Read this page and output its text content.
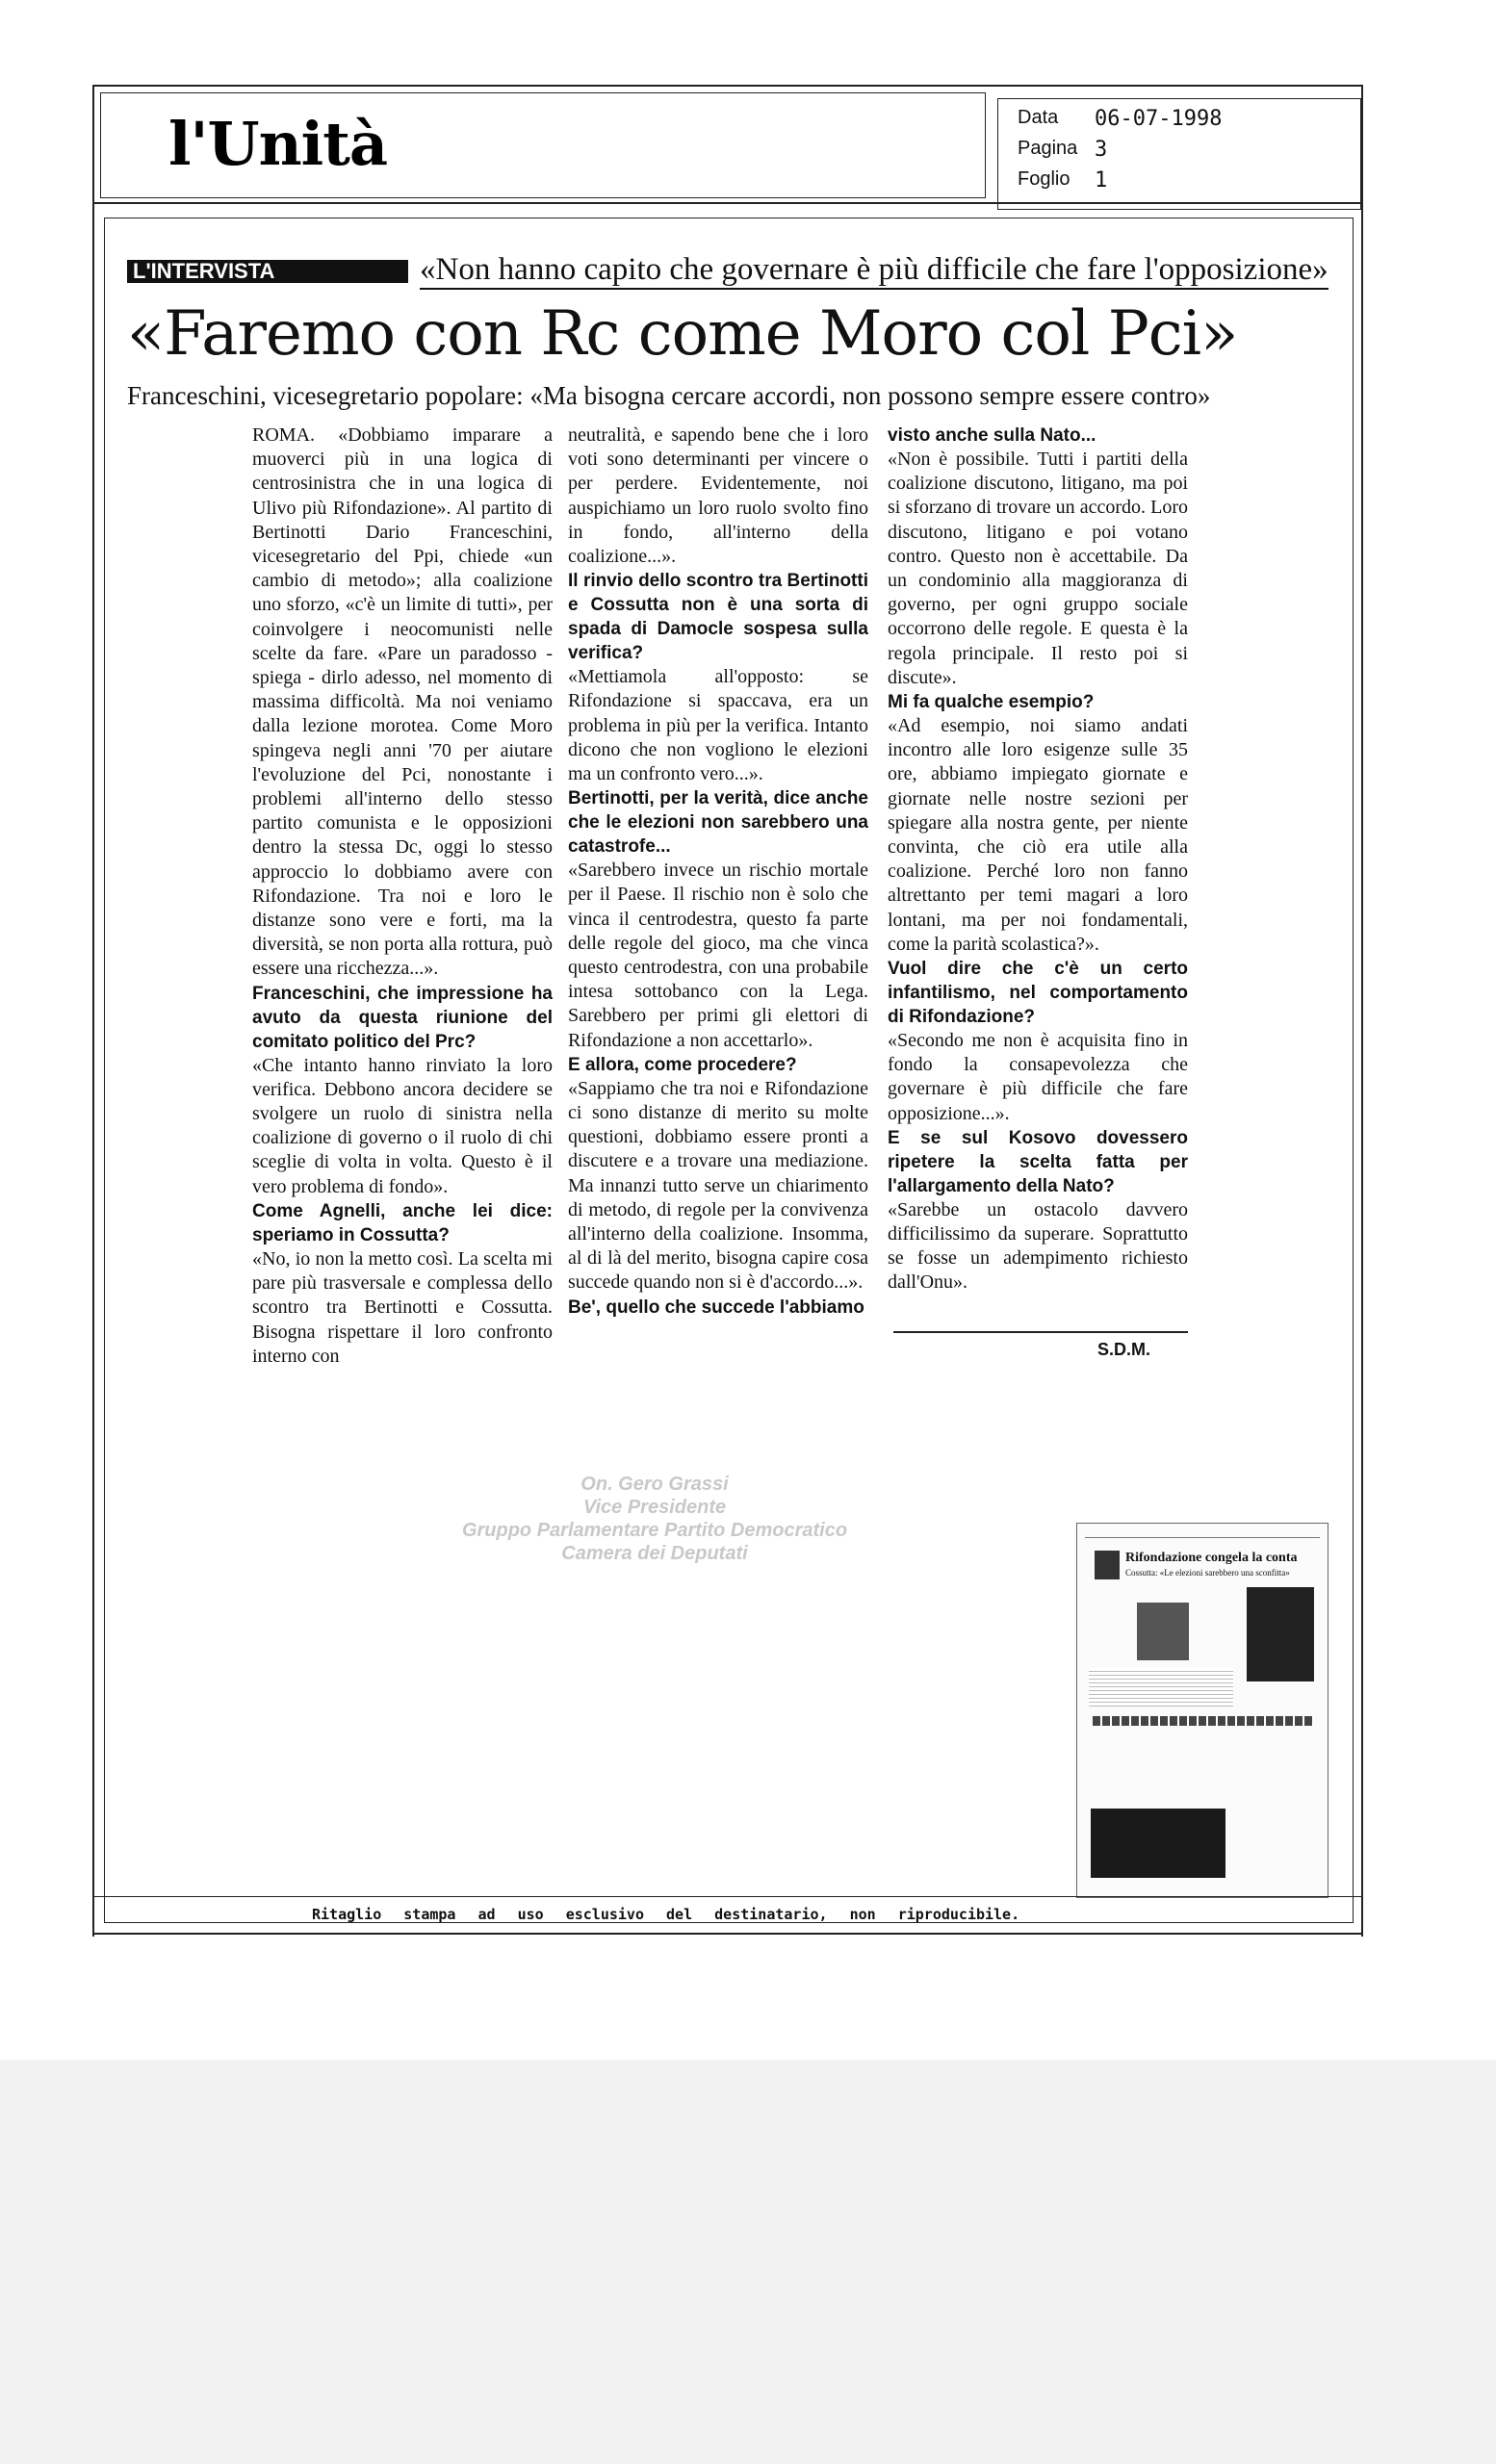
l'Unità	Data 06-07-1998
Pagina 3
Foglio 1
L'INTERVISTA	«Non hanno capito che governare è più difficile che fare l'opposizione»
«Faremo con Rc come Moro col Pci»
Franceschini, vicesegretario popolare: «Ma bisogna cercare accordi, non possono sempre essere contro»

ROMA. «Dobbiamo imparare a muoverci più in una logica di centrosinistra che in una logica di Ulivo più Rifondazione». Al partito di Bertinotti Dario Franceschini, vicesegretario del Ppi, chiede «un cambio di metodo»; alla coalizione uno sforzo, «c'è un limite di tutti», per coinvolgere i neocomunisti nelle scelte da fare. «Pare un paradosso - spiega - dirlo adesso, nel momento di massima difficoltà. Ma noi veniamo dalla lezione morotea. Come Moro spingeva negli anni '70 per aiutare l'evoluzione del Pci, nonostante i problemi all'interno dello stesso partito comunista e le opposizioni dentro la stessa Dc, oggi lo stesso approccio lo dobbiamo avere con Rifondazione. Tra noi e loro le distanze sono vere e forti, ma la diversità, se non porta alla rottura, può essere una ricchezza...».

Franceschini, che impressione ha avuto da questa riunione del comitato politico del Prc?

«Che intanto hanno rinviato la loro verifica. Debbono ancora decidere se svolgere un ruolo di sinistra nella coalizione di governo o il ruolo di chi sceglie di volta in volta. Questo è il vero problema di fondo».

Come Agnelli, anche lei dice: speriamo in Cossutta?

«No, io non la metto così. La scelta mi pare più trasversale e complessa dello scontro tra Bertinotti e Cossutta. Bisogna rispettare il loro confronto interno con

neutralità, e sapendo bene che i loro voti sono determinanti per vincere o per perdere. Evidentemente, noi auspichiamo un loro ruolo svolto fino in fondo, all'interno della coalizione...».

Il rinvio dello scontro tra Bertinotti e Cossutta non è una sorta di spada di Damocle sospesa sulla verifica?

«Mettiamola all'opposto: se Rifondazione si spaccava, era un problema in più per la verifica. Intanto dicono che non vogliono le elezioni ma un confronto vero...».

Bertinotti, per la verità, dice anche che le elezioni non sarebbero una catastrofe...

«Sarebbero invece un rischio mortale per il Paese. Il rischio non è solo che vinca il centrodestra, questo fa parte delle regole del gioco, ma che vinca questo centrodestra, con una probabile intesa sottobanco con la Lega. Sarebbero per primi gli elettori di Rifondazione a non accettarlo».

E allora, come procedere?

«Sappiamo che tra noi e Rifondazione ci sono distanze di merito su molte questioni, dobbiamo essere pronti a discutere e a trovare una mediazione. Ma innanzi tutto serve un chiarimento di metodo, di regole per la convivenza all'interno della coalizione. Insomma, al di là del merito, bisogna capire cosa succede quando non si è d'accordo...».

Be', quello che succede l'abbiamo

visto anche sulla Nato...

«Non è possibile. Tutti i partiti della coalizione discutono, litigano, ma poi si sforzano di trovare un accordo. Loro discutono, litigano e poi votano contro. Questo non è accettabile. Da un condominio alla maggioranza di governo, per ogni gruppo sociale occorrono delle regole. E questa è la regola principale. Il resto poi si discute».

Mi fa qualche esempio?

«Ad esempio, noi siamo andati incontro alle loro esigenze sulle 35 ore, abbiamo impiegato giornate e giornate nelle nostre sezioni per spiegare alla nostra gente, per niente convinta, che ciò era utile alla coalizione. Perché loro non fanno altrettanto per temi magari a loro lontani, ma per noi fondamentali, come la parità scolastica?».

Vuol dire che c'è un certo infantilismo, nel comportamento di Rifondazione?

«Secondo me non è acquisita fino in fondo la consapevolezza che governare è più difficile che fare opposizione...».

E se sul Kosovo dovessero ripetere la scelta fatta per l'allargamento della Nato?

«Sarebbe un ostacolo davvero difficilissimo da superare. Soprattutto se fosse un adempimento richiesto dall'Onu».

S.D.M.
On. Gero Grassi
Vice Presidente
Gruppo Parlamentare Partito Democratico
Camera dei Deputati	Rifondazione congela la conta
Cossutta: «Le elezioni sarebbero una sconfitta»
Ritaglio stampa ad uso esclusivo del destinatario, non riproducibile.
